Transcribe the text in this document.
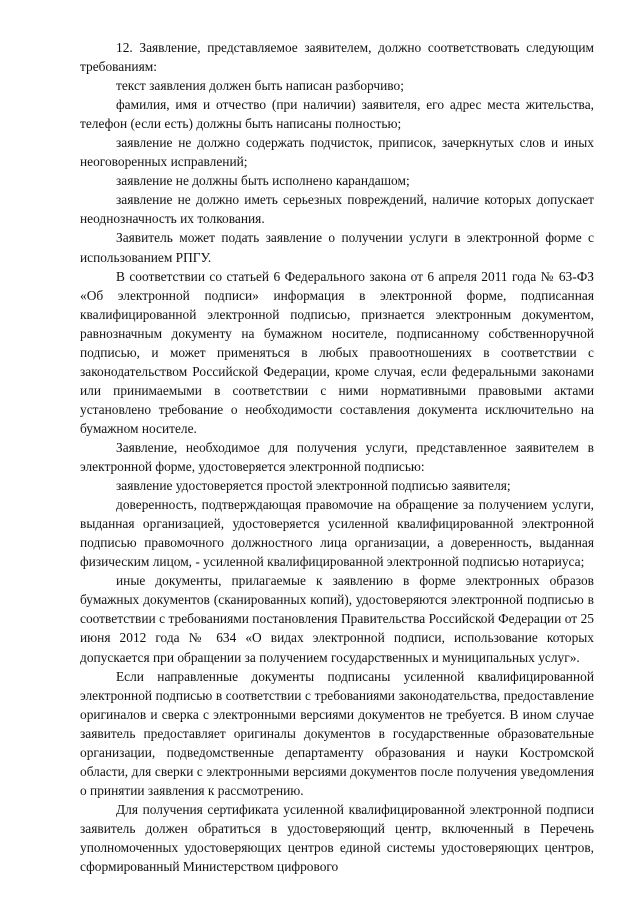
12. Заявление, представляемое заявителем, должно соответствовать следующим требованиям:

текст заявления должен быть написан разборчиво;

фамилия, имя и отчество (при наличии) заявителя, его адрес места жительства, телефон (если есть) должны быть написаны полностью;

заявление не должно содержать подчисток, приписок, зачеркнутых слов и иных неоговоренных исправлений;

заявление не должны быть исполнено карандашом;

заявление не должно иметь серьезных повреждений, наличие которых допускает неоднозначность их толкования.

Заявитель может подать заявление о получении услуги в электронной форме с использованием РПГУ.

В соответствии со статьей 6 Федерального закона от 6 апреля 2011 года № 63-ФЗ «Об электронной подписи» информация в электронной форме, подписанная квалифицированной электронной подписью, признается электронным документом, равнозначным документу на бумажном носителе, подписанному собственноручной подписью, и может применяться в любых правоотношениях в соответствии с законодательством Российской Федерации, кроме случая, если федеральными законами или принимаемыми в соответствии с ними нормативными правовыми актами установлено требование о необходимости составления документа исключительно на бумажном носителе.

Заявление, необходимое для получения услуги, представленное заявителем в электронной форме, удостоверяется электронной подписью:

заявление удостоверяется простой электронной подписью заявителя;

доверенность, подтверждающая правомочие на обращение за получением услуги, выданная организацией, удостоверяется усиленной квалифицированной электронной подписью правомочного должностного лица организации, а доверенность, выданная физическим лицом, - усиленной квалифицированной электронной подписью нотариуса;

иные документы, прилагаемые к заявлению в форме электронных образов бумажных документов (сканированных копий), удостоверяются электронной подписью в соответствии с требованиями постановления Правительства Российской Федерации от 25 июня 2012 года № 634 «О видах электронной подписи, использование которых допускается при обращении за получением государственных и муниципальных услуг».

Если направленные документы подписаны усиленной квалифицированной электронной подписью в соответствии с требованиями законодательства, предоставление оригиналов и сверка с электронными версиями документов не требуется. В ином случае заявитель предоставляет оригиналы документов в государственные образовательные организации, подведомственные департаменту образования и науки Костромской области, для сверки с электронными версиями документов после получения уведомления о принятии заявления к рассмотрению.

Для получения сертификата усиленной квалифицированной электронной подписи заявитель должен обратиться в удостоверяющий центр, включенный в Перечень уполномоченных удостоверяющих центров единой системы удостоверяющих центров, сформированный Министерством цифрового
